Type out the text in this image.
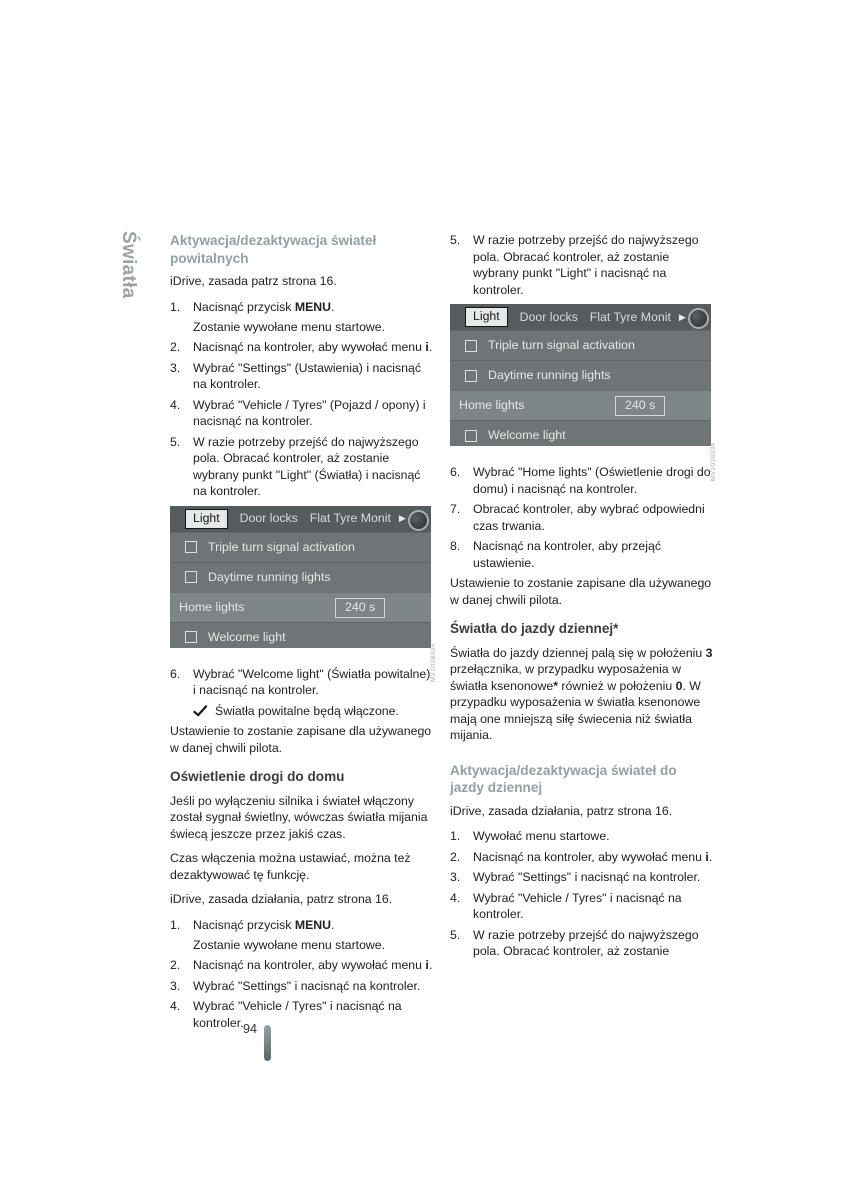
Światła Aktywacja/dezaktywacja świateł powitalnych

iDrive, zasada patrz strona 16.

1.	Nacisnąć przycisk MENU.
Zostanie wywołane menu startowe.
2.	Nacisnąć na kontroler, aby wywołać menu i.
3.	Wybrać "Settings" (Ustawienia) i nacisnąć na kontroler.
4.	Wybrać "Vehicle / Tyres" (Pojazd / opony) i nacisnąć na kontroler.
5.	W razie potrzeby przejść do najwyższego pola. Obracać kontroler, aż zostanie wybrany punkt "Light" (Światła) i nacisnąć na kontroler.
Light	Door locks Flat Tyre Monit ▶
Triple turn signal activation
Daytime running lights
Home lights	240 s
Welcome light
MV2038034
6.	Wybrać "Welcome light" (Światła powitalne) i nacisnąć na kontroler.
Światła powitalne będą włączone.

Ustawienie to zostanie zapisane dla używanego w danej chwili pilota.

Oświetlenie drogi do domu

Jeśli po wyłączeniu silnika i świateł włączony został sygnał świetlny, wówczas światła mijania świecą jeszcze przez jakiś czas.

Czas włączenia można ustawiać, można też dezaktywować tę funkcję.

iDrive, zasada działania, patrz strona 16.

1.	Nacisnąć przycisk MENU.
Zostanie wywołane menu startowe.
2.	Nacisnąć na kontroler, aby wywołać menu i.
3.	Wybrać "Settings" i nacisnąć na kontroler.
4.	Wybrać "Vehicle / Tyres" i nacisnąć na kontroler.
5.	W razie potrzeby przejść do najwyższego pola. Obracać kontroler, aż zostanie wybrany punkt "Light" i nacisnąć na kontroler.
Light	Door locks Flat Tyre Monit ▶
Triple turn signal activation
Daytime running lights
Home lights	240 s
Welcome light
MV2038034
6.	Wybrać "Home lights" (Oświetlenie drogi do domu) i nacisnąć na kontroler.
7.	Obracać kontroler, aby wybrać odpowiedni czas trwania.
8.	Nacisnąć na kontroler, aby przejąć ustawienie.

Ustawienie to zostanie zapisane dla używanego w danej chwili pilota.

Światła do jazdy dziennej*

Światła do jazdy dziennej palą się w położeniu 3 przełącznika, w przypadku wyposażenia w światła ksenonowe* również w położeniu 0. W przypadku wyposażenia w światła ksenonowe mają one mniejszą siłę świecenia niż światła mijania.

Aktywacja/dezaktywacja świateł do jazdy dziennej

iDrive, zasada działania, patrz strona 16.

1.	Wywołać menu startowe.
2.	Nacisnąć na kontroler, aby wywołać menu i.
3.	Wybrać "Settings" i nacisnąć na kontroler.
4.	Wybrać "Vehicle / Tyres" i nacisnąć na kontroler.
5.	W razie potrzeby przejść do najwyższego pola. Obracać kontroler, aż zostanie
94
